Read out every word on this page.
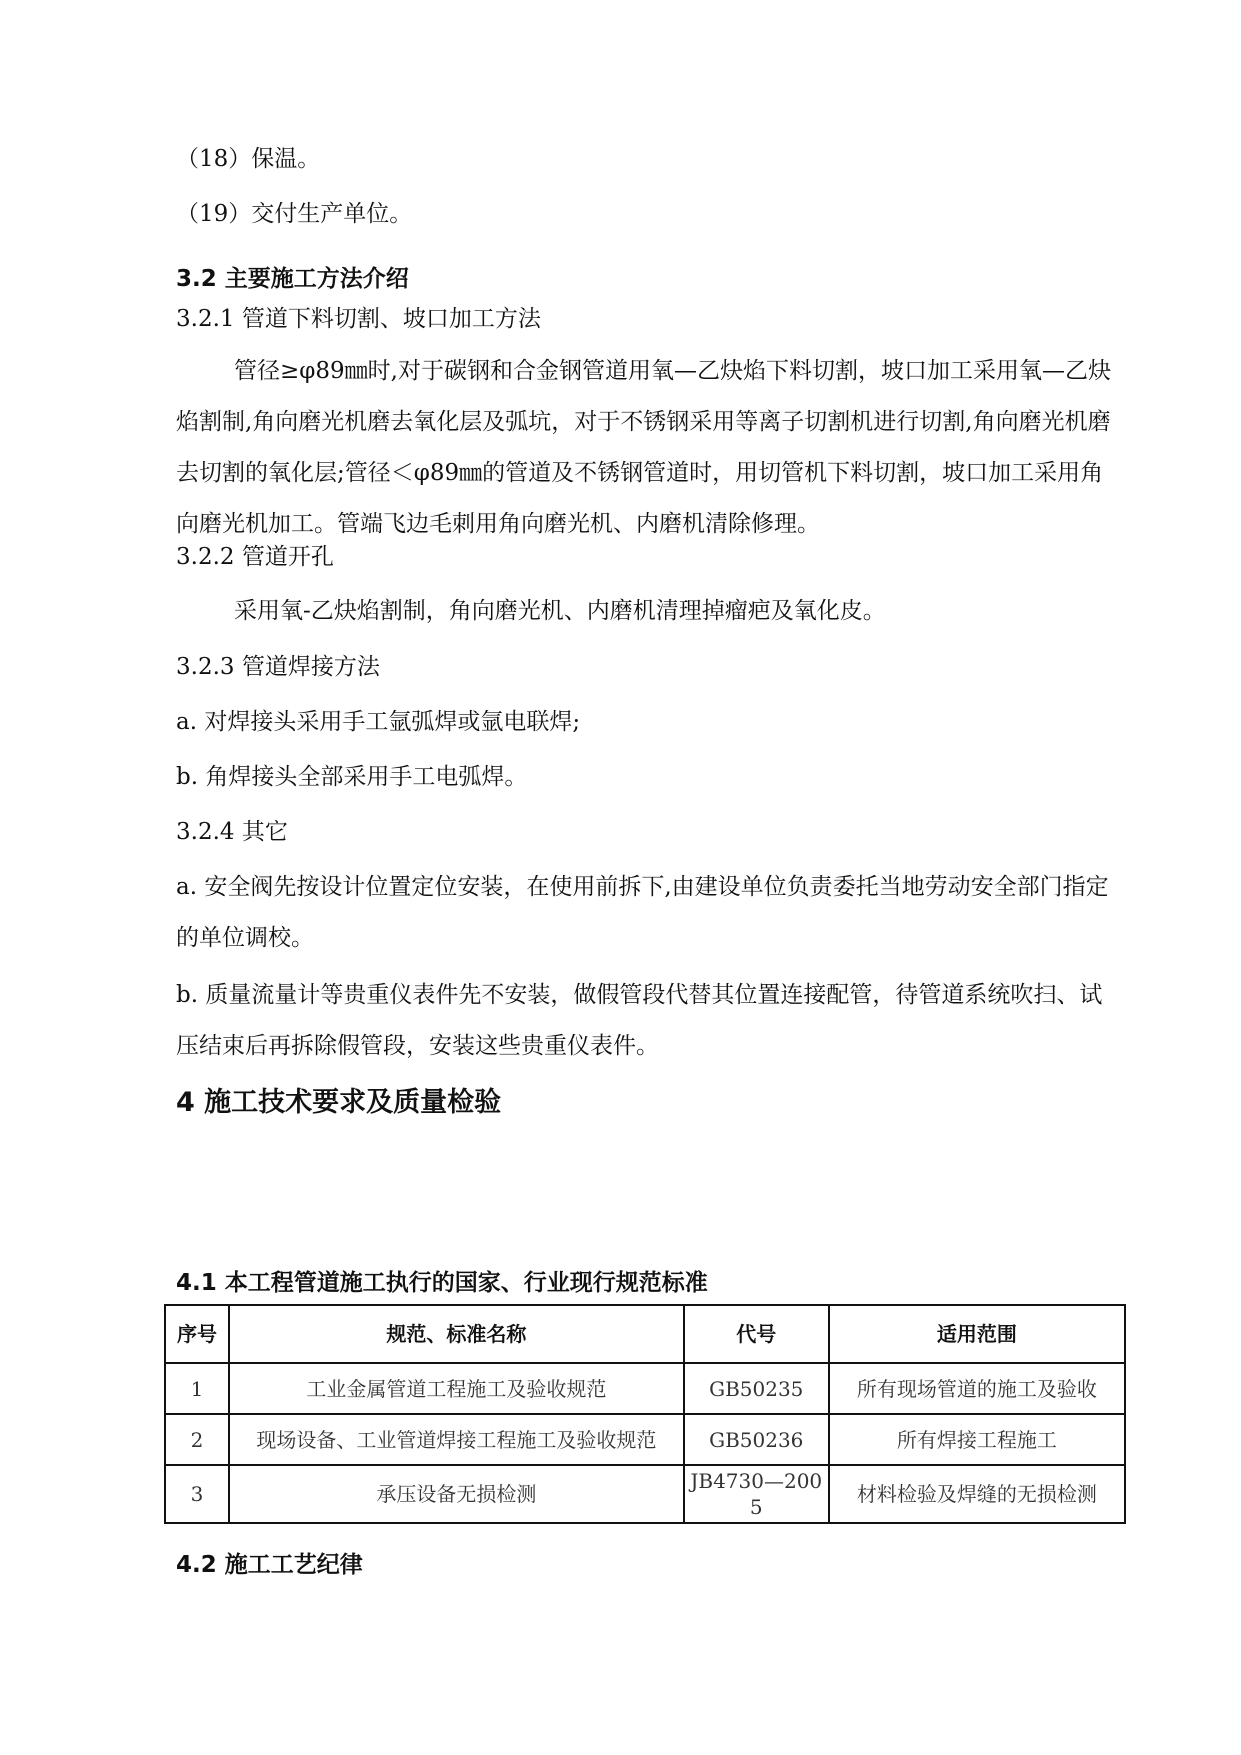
（18）保温。
（19）交付生产单位。
3.2 主要施工方法介绍
3.2.1 管道下料切割、坡口加工方法
管径≥φ89㎜时,对于碳钢和合金钢管道用氧—乙炔焰下料切割，坡口加工采用氧—乙炔焰割制,角向磨光机磨去氧化层及弧坑，对于不锈钢采用等离子切割机进行切割,角向磨光机磨去切割的氧化层;管径＜φ89㎜的管道及不锈钢管道时，用切管机下料切割，坡口加工采用角向磨光机加工。管端飞边毛刺用角向磨光机、内磨机清除修理。
3.2.2 管道开孔
采用氧-乙炔焰割制，角向磨光机、内磨机清理掉瘤疤及氧化皮。
3.2.3 管道焊接方法
a. 对焊接头采用手工氩弧焊或氩电联焊;
b. 角焊接头全部采用手工电弧焊。
3.2.4 其它
a. 安全阀先按设计位置定位安装，在使用前拆下,由建设单位负责委托当地劳动安全部门指定的单位调校。
b. 质量流量计等贵重仪表件先不安装，做假管段代替其位置连接配管，待管道系统吹扫、试压结束后再拆除假管段，安装这些贵重仪表件。
4 施工技术要求及质量检验
4.1 本工程管道施工执行的国家、行业现行规范标准
序号	规范、标准名称	代号	适用范围
1	工业金属管道工程施工及验收规范	GB50235	所有现场管道的施工及验收
2	现场设备、工业管道焊接工程施工及验收规范	GB50236	所有焊接工程施工
3	承压设备无损检测	JB4730—2005	材料检验及焊缝的无损检测
4.2 施工工艺纪律
